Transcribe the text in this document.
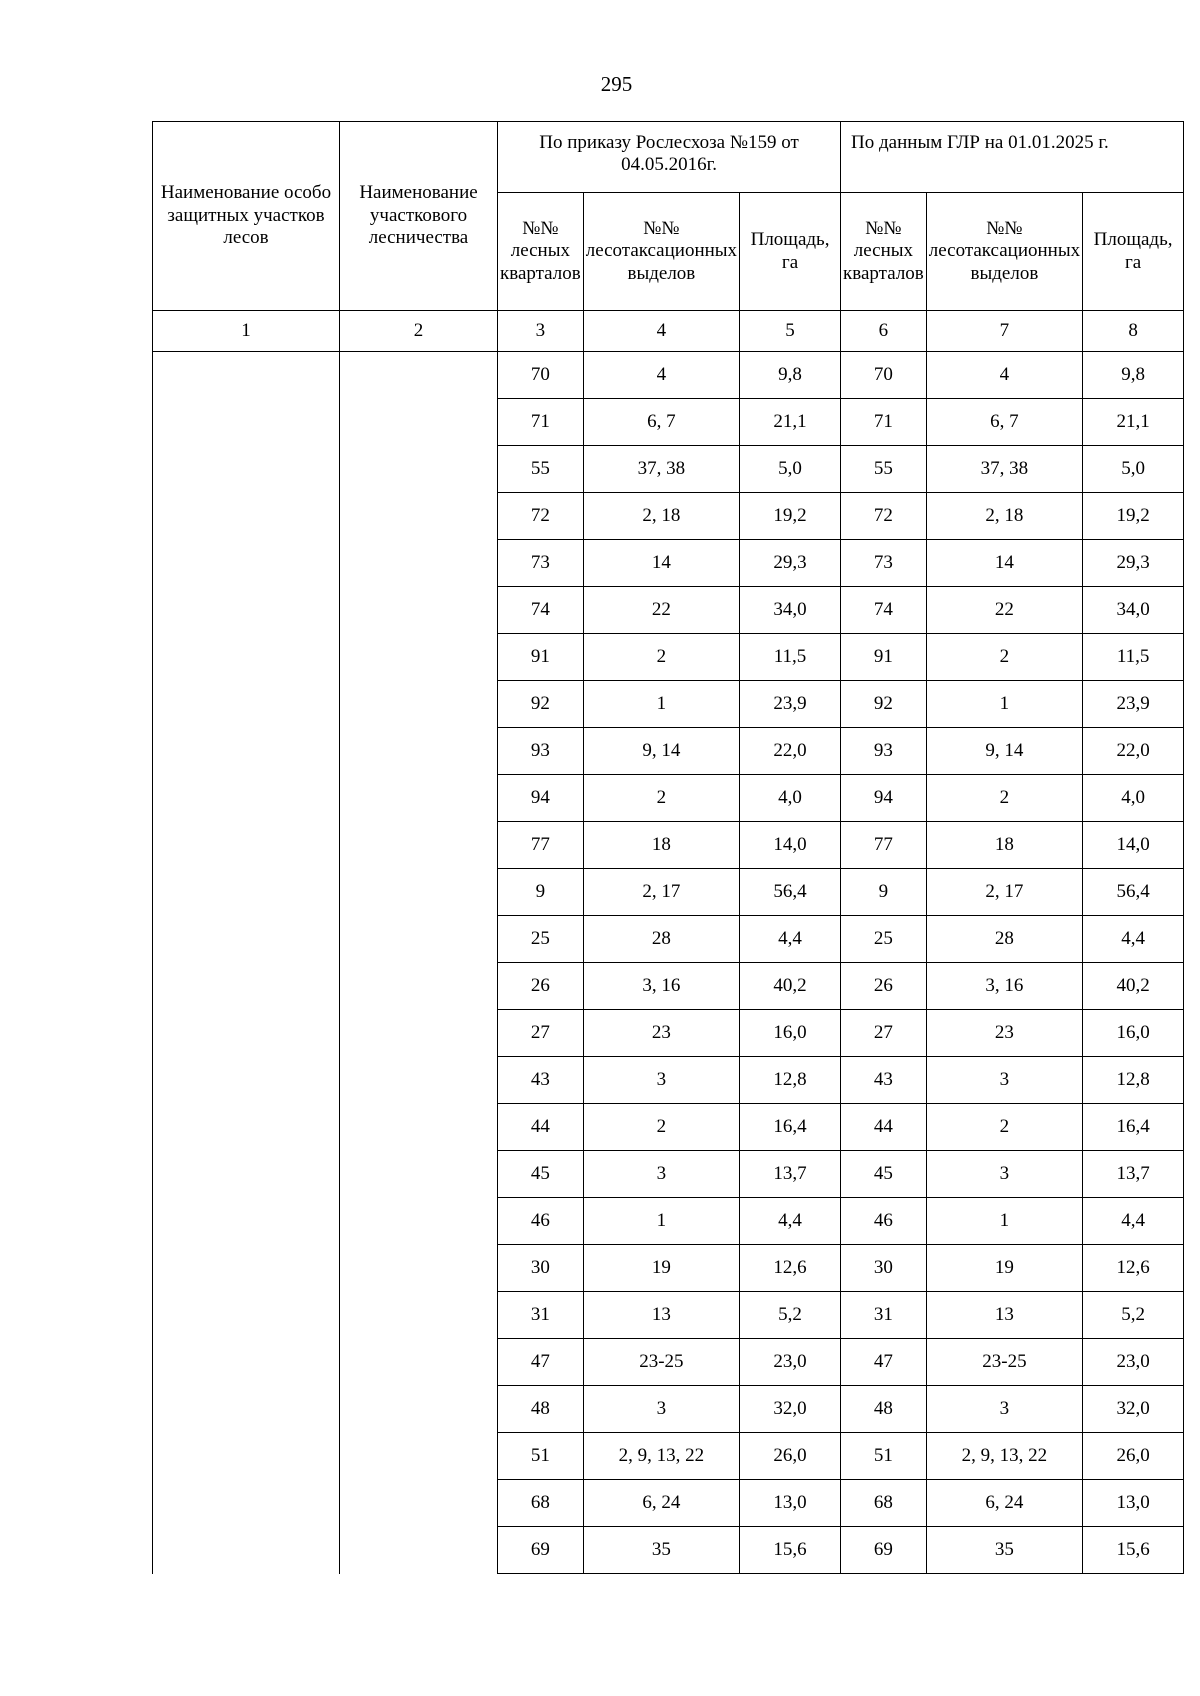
295
Наименование особо защитных участков лесов	Наименование участкового лесничества	По приказу Рослесхоза №159 от 04.05.2016г.			По данным ГЛР на 01.01.2025 г.		
		№№ лесных кварталов	№№ лесотаксационных выделов	Площадь, га	№№ лесных кварталов	№№ лесотаксационных выделов	Площадь, га
1	2	3	4	5	6	7	8
		70	4	9,8	70	4	9,8
		71	6, 7	21,1	71	6, 7	21,1
		55	37, 38	5,0	55	37, 38	5,0
		72	2, 18	19,2	72	2, 18	19,2
		73	14	29,3	73	14	29,3
		74	22	34,0	74	22	34,0
		91	2	11,5	91	2	11,5
		92	1	23,9	92	1	23,9
		93	9, 14	22,0	93	9, 14	22,0
		94	2	4,0	94	2	4,0
		77	18	14,0	77	18	14,0
		9	2, 17	56,4	9	2, 17	56,4
		25	28	4,4	25	28	4,4
		26	3, 16	40,2	26	3, 16	40,2
		27	23	16,0	27	23	16,0
		43	3	12,8	43	3	12,8
		44	2	16,4	44	2	16,4
		45	3	13,7	45	3	13,7
		46	1	4,4	46	1	4,4
		30	19	12,6	30	19	12,6
		31	13	5,2	31	13	5,2
		47	23-25	23,0	47	23-25	23,0
		48	3	32,0	48	3	32,0
		51	2, 9, 13, 22	26,0	51	2, 9, 13, 22	26,0
		68	6, 24	13,0	68	6, 24	13,0
		69	35	15,6	69	35	15,6
